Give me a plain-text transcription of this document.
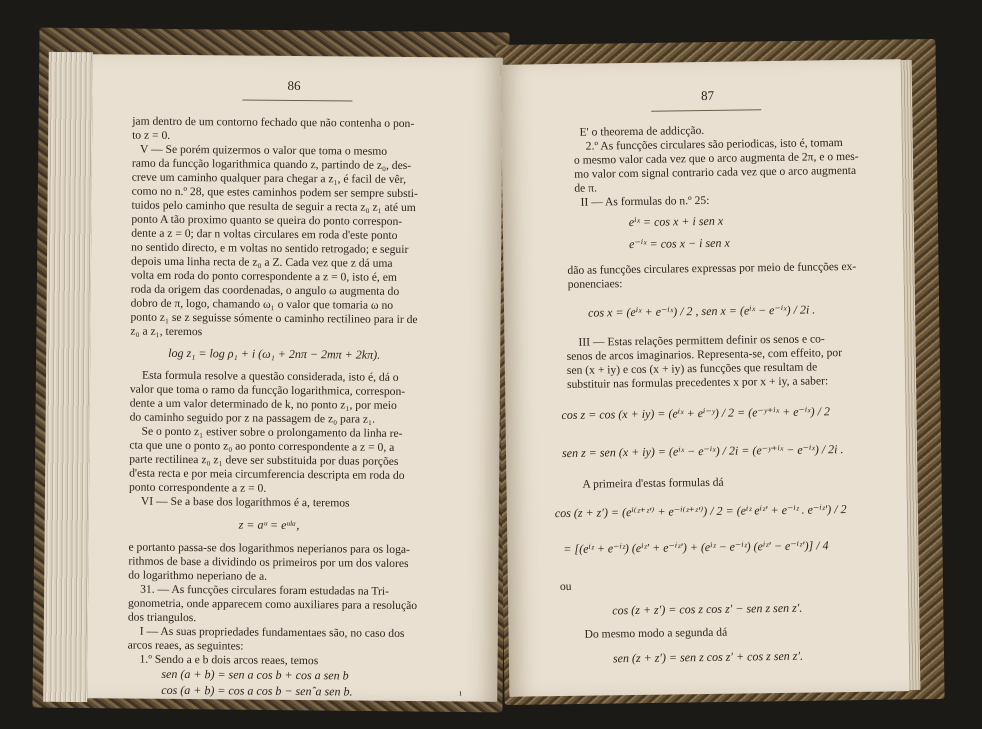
86
jam dentro de um contorno fechado que não contenha o pon-
to z = 0.
V — Se porém quizermos o valor que toma o mesmo
ramo da funcção logarithmica quando z, partindo de z₀, des-
creve um caminho qualquer para chegar a z₁, é facil de vêr,
como no n.º 28, que estes caminhos podem ser sempre substi-
tuidos pelo caminho que resulta de seguir a recta z₀ z₁ até um
ponto A tão proximo quanto se queira do ponto correspon-
dente a z = 0; dar n voltas circulares em roda d'este ponto
no sentido directo, e m voltas no sentido retrogado; e seguir
depois uma linha recta de z₀ a Z. Cada vez que z dá uma
volta em roda do ponto correspondente a z = 0, isto é, em
roda da origem das coordenadas, o angulo ω augmenta do
dobro de π, logo, chamando ω₁ o valor que tomaria ω no
ponto z₁ se z seguisse sómente o caminho rectilineo para ir de
z₀ a z₁, teremos
log z₁ = log ρ₁ + i (ω₁ + 2nπ − 2mπ + 2kπ).
Esta formula resolve a questão considerada, isto é, dá o
valor que toma o ramo da funcção logarithmica, correspon-
dente a um valor determinado de k, no ponto z₁, por meio
do caminho seguido por z na passagem de z₀ para z₁.
Se o ponto z₁ estiver sobre o prolongamento da linha re-
cta que une o ponto z₀ ao ponto correspondente a z = 0, a
parte rectilinea z₀ z₁ deve ser substituida por duas porções
d'esta recta e por meia circumferencia descripta em roda do
ponto correspondente a z = 0.
VI — Se a base dos logarithmos é a, teremos
z = aᵘ = eᵘˡᵃ,
e portanto passa-se dos logarithmos neperianos para os loga-
rithmos de base a dividindo os primeiros por um dos valores
do logarithmo neperiano de a.
31. — As funcções circulares foram estudadas na Tri-
gonometria, onde apparecem como auxiliares para a resolução
dos triangulos.
I — As suas propriedades fundamentaes são, no caso dos
arcos reaes, as seguintes:
1.º Sendo a e b dois arcos reaes, temos
sen (a + b) = sen a cos b + cos a sen b
cos (a + b) = cos a cos b − senˆa sen b.	ı
87
E' o theorema de addicção.
2.º As funcções circulares são periodicas, isto é, tomam
o mesmo valor cada vez que o arco augmenta de 2π, e o mes-
mo valor com signal contrario cada vez que o arco augmenta
de π.
II — As formulas do n.º 25:
eⁱˣ = cos x + i sen x
e⁻ⁱˣ = cos x − i sen x
dão as funcções circulares expressas por meio de funcções ex-
ponenciaes:
cos x = (eⁱˣ + e⁻ⁱˣ) / 2 , sen x = (eⁱˣ − e⁻ⁱˣ) / 2i .
III — Estas relações permittem definir os senos e co-
senos de arcos imaginarios. Representa-se, com effeito, por
sen (x + iy) e cos (x + iy) as funcções que resultam de
substituir nas formulas precedentes x por x + iy, a saber:
cos z = cos (x + iy) = (eⁱˣ + eⁱ⁻ʸ) / 2 = (e⁻ʸ⁺ⁱˣ + e⁻ⁱˣ) / 2
sen z = sen (x + iy) = (eⁱˣ − e⁻ⁱˣ) / 2i = (e⁻ʸ⁺ⁱˣ − e⁻ⁱˣ) / 2i .
A primeira d'estas formulas dá
cos (z + z′) = (eⁱ⁽ᶻ⁺ᶻ′⁾ + e⁻ⁱ⁽ᶻ⁺ᶻ′⁾) / 2 = (eⁱᶻ eⁱᶻ′ + e⁻ⁱᶻ . e⁻ⁱᶻ′) / 2
= [(eⁱᶻ + e⁻ⁱᶻ) (eⁱᶻ′ + e⁻ⁱᶻ′) + (eⁱᶻ − e⁻ⁱᶻ) (eⁱᶻ′ − e⁻ⁱᶻ′)] / 4
ou
cos (z + z′) = cos z cos z′ − sen z sen z′.
Do mesmo modo a segunda dá
sen (z + z′) = sen z cos z′ + cos z sen z′.
